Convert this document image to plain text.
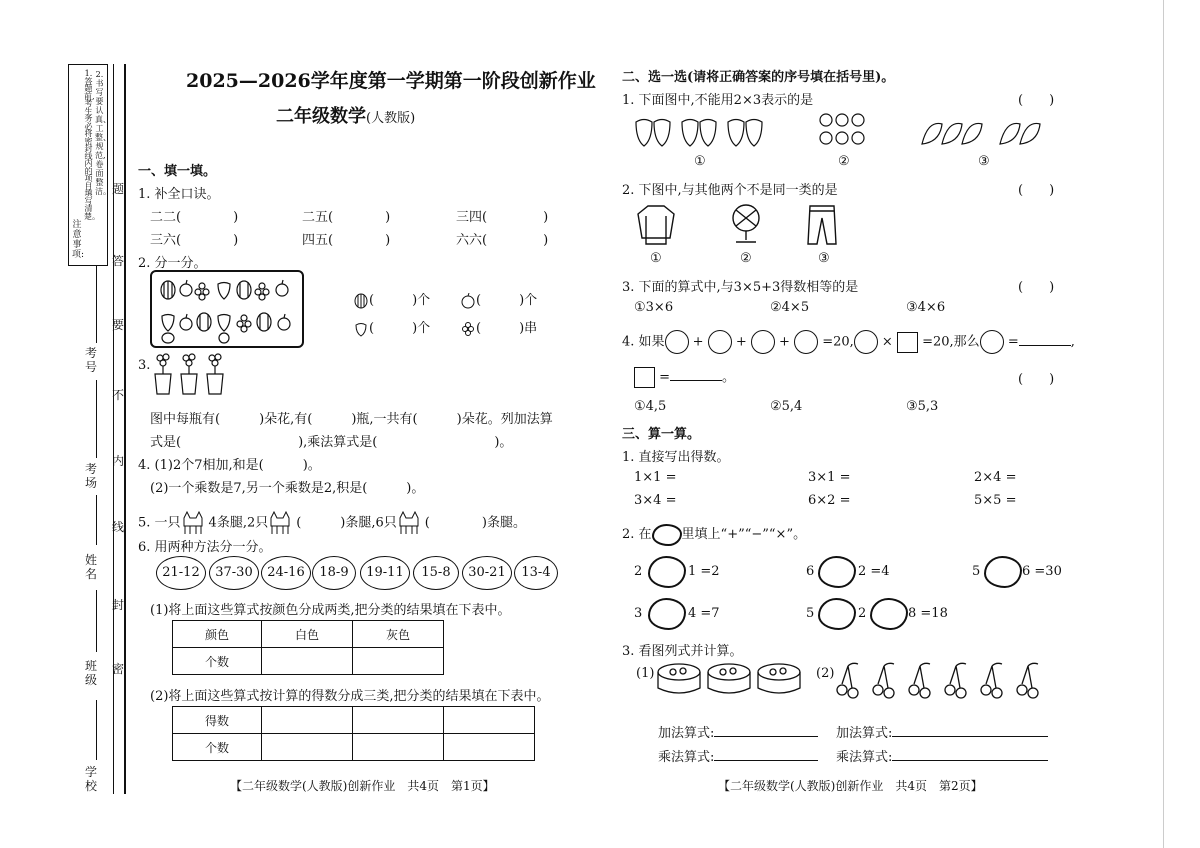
注意事项:
1.答题前,考生务必将密封线内的项目填写清楚。
2.书写要认真、工整、规范,卷面整洁。 题
答
要
不
内
线
封
密
考号
考场
姓名
班级
学校
2025—2026学年度第一学期第一阶段创新作业
二年级数学(人教版)
一、填一填。
1. 补全口诀。
二二(	)	二五(	)	三四(	)
三六(	)	四五(	)	六六(	)
2. 分一分。
(	)个	(	)个
(	)个	(	)串
3.
图中每瓶有(　　　)朵花,有(　　　)瓶,一共有(　　　)朵花。列加法算
式是(　　　　　　　　　),乘法算式是(　　　　　　　　　)。
4. (1)2个7相加,和是(　　　)。
(2)一个乘数是7,另一个乘数是2,积是(　　　)。
5. 一只 4条腿,2只 (　　　)条腿,6只 (　　　　)条腿。
6. 用两种方法分一分。
21-12	37-30	24-16	18-9	19-11	15-8	30-21	13-4
(1)将上面这些算式按颜色分成两类,把分类的结果填在下表中。
颜色	白色	灰色
个数		
(2)将上面这些算式按计算的得数分成三类,把分类的结果填在下表中。
得数			
个数			
【二年级数学(人教版)创新作业　共4页　第1页】
二、选一选(请将正确答案的序号填在括号里)。
1. 下面图中,不能用2×3表示的是	(　　)
①	②	③
2. 下图中,与其他两个不是同一类的是	(　　)
①	②	③
3. 下面的算式中,与3×5+3得数相等的是	(　　)
①3×6	②4×5	③4×6
4. 如果 +  +  +  =20, ×  =20,那么 =	,
=	。	(　　)
①4,5	②5,4	③5,3
三、算一算。
1. 直接写出得数。
1×1 =	3×1 =	2×4 =
3×4 =	6×2 =	5×5 =
2. 在 里填上“+”“−”“×”。
2	1 =2	6	2 =4	5	6 =30
3	4 =7	5	2	8 =18
3. 看图列式并计算。
(1)	(2)
加法算式:	加法算式:
乘法算式:	乘法算式:
【二年级数学(人教版)创新作业　共4页　第2页】
